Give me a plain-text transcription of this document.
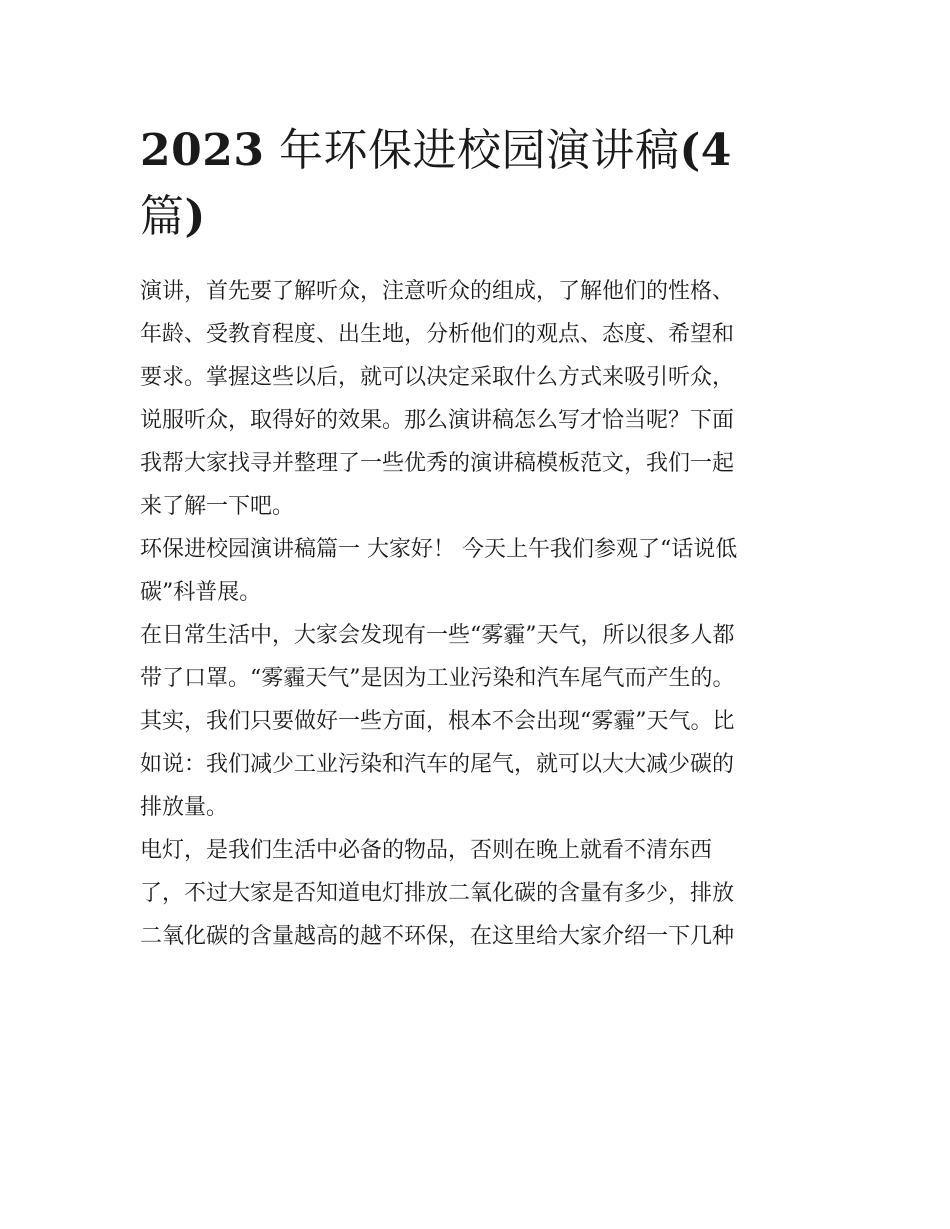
2023 年环保进校园演讲稿(4
篇)

演讲，首先要了解听众，注意听众的组成，了解他们的性格、
年龄、受教育程度、出生地，分析他们的观点、态度、希望和
要求。掌握这些以后，就可以决定采取什么方式来吸引听众，
说服听众，取得好的效果。那么演讲稿怎么写才恰当呢？下面
我帮大家找寻并整理了一些优秀的演讲稿模板范文，我们一起
来了解一下吧。

环保进校园演讲稿篇一 大家好！ 今天上午我们参观了“话说低
碳”科普展。

在日常生活中，大家会发现有一些“雾霾”天气，所以很多人都
带了口罩。“雾霾天气”是因为工业污染和汽车尾气而产生的。
其实，我们只要做好一些方面，根本不会出现“雾霾”天气。比
如说：我们减少工业污染和汽车的尾气，就可以大大减少碳的
排放量。

电灯，是我们生活中必备的物品，否则在晚上就看不清东西
了，不过大家是否知道电灯排放二氧化碳的含量有多少，排放
二氧化碳的含量越高的越不环保，在这里给大家介绍一下几种
